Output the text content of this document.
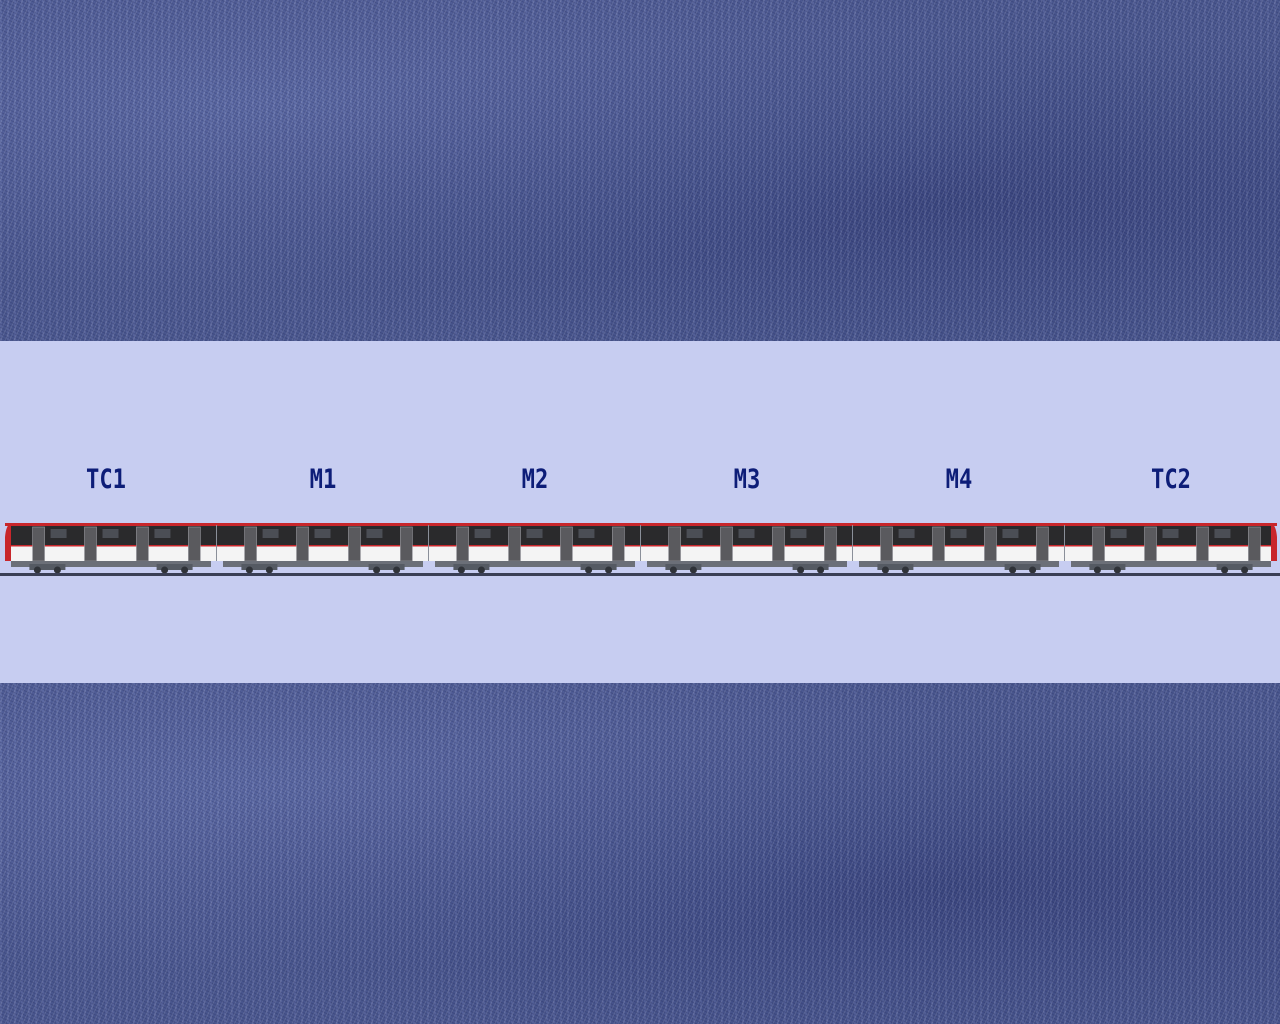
TC1	M1	M2	M3	M4	TC2
